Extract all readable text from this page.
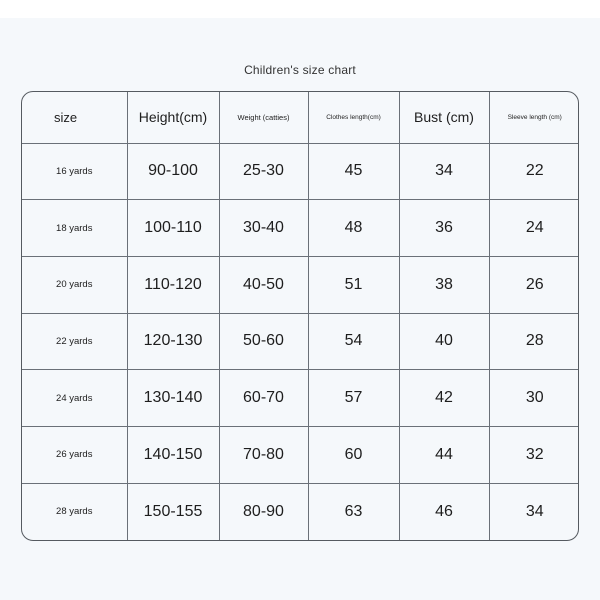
Children's size chart
size	Height(cm)	Weight (catties)	Clothes length(cm)	Bust (cm)	Sleeve length (cm)
16 yards	90-100	25-30	45	34	22
18 yards	100-110	30-40	48	36	24
20 yards	110-120	40-50	51	38	26
22 yards	120-130	50-60	54	40	28
24 yards	130-140	60-70	57	42	30
26 yards	140-150	70-80	60	44	32
28 yards	150-155	80-90	63	46	34
